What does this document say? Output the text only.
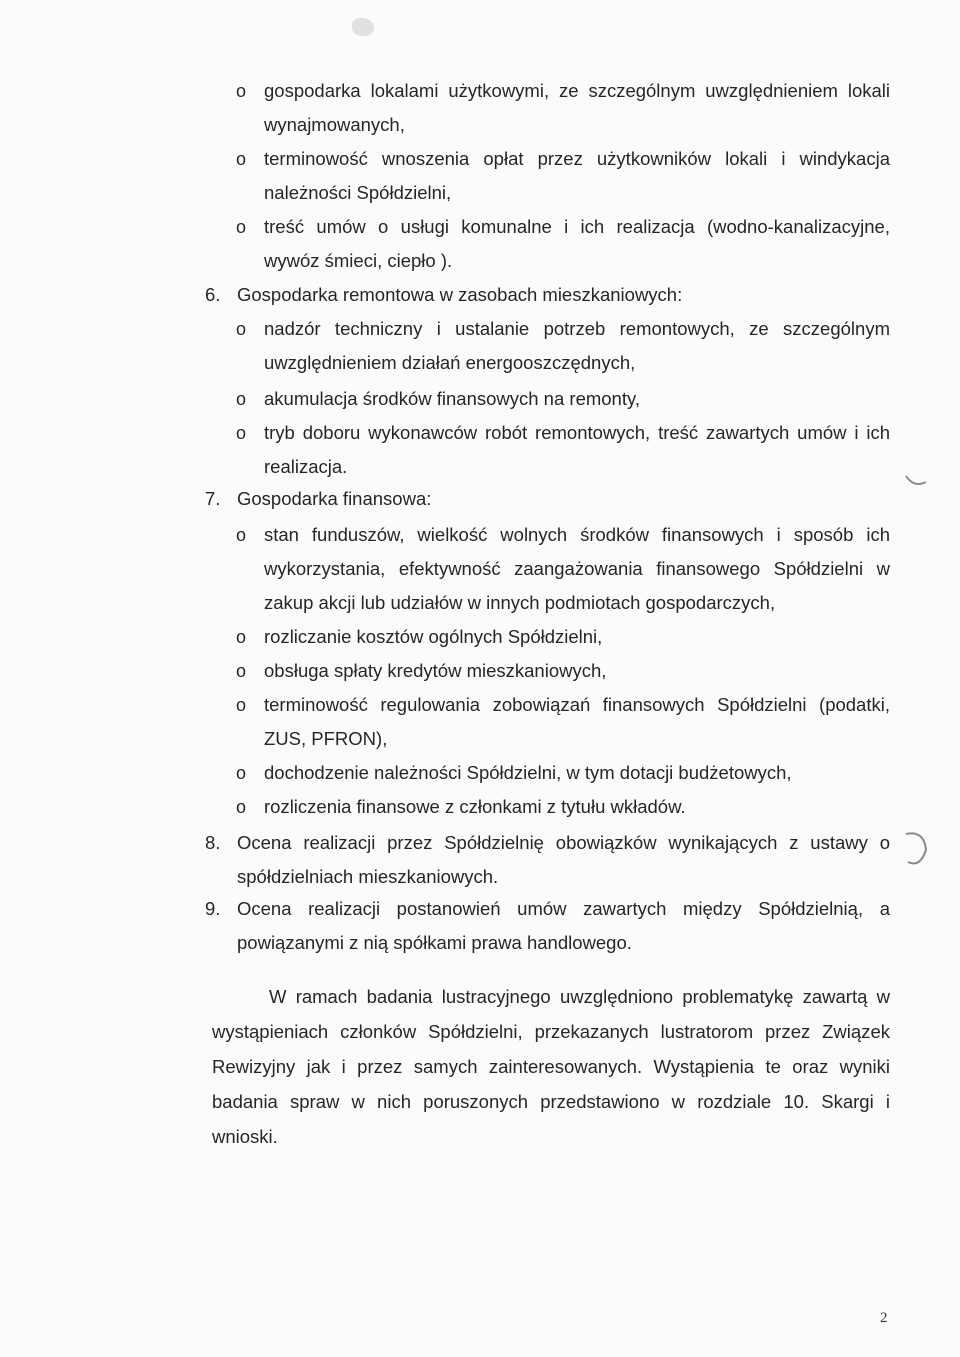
o gospodarka lokalami użytkowymi, ze szczególnym uwzględnieniem lokali wynajmowanych,
o terminowość wnoszenia opłat przez użytkowników lokali i windykacja należności Spółdzielni,
o treść umów o usługi komunalne i ich realizacja (wodno-kanalizacyjne, wywóz śmieci, ciepło ).
6. Gospodarka remontowa w zasobach mieszkaniowych:
o nadzór techniczny i ustalanie potrzeb remontowych, ze szczególnym uwzględnieniem działań energooszczędnych,
o akumulacja środków finansowych na remonty,
o tryb doboru wykonawców robót remontowych, treść zawartych umów i ich realizacja.
7. Gospodarka finansowa:
o stan funduszów, wielkość wolnych środków finansowych i sposób ich wykorzystania, efektywność zaangażowania finansowego Spółdzielni w zakup akcji lub udziałów w innych podmiotach gospodarczych,
o rozliczanie kosztów ogólnych Spółdzielni,
o obsługa spłaty kredytów mieszkaniowych,
o terminowość regulowania zobowiązań finansowych Spółdzielni (podatki, ZUS, PFRON),
o dochodzenie należności Spółdzielni, w tym dotacji budżetowych,
o rozliczenia finansowe z członkami z tytułu wkładów.
8. Ocena realizacji przez Spółdzielnię obowiązków wynikających z ustawy o spółdzielniach mieszkaniowych.
9. Ocena realizacji postanowień umów zawartych między Spółdzielnią, a powiązanymi z nią spółkami prawa handlowego.

W ramach badania lustracyjnego uwzględniono problematykę zawartą w wystąpieniach członków Spółdzielni, przekazanych lustratorom przez Związek Rewizyjny jak i przez samych zainteresowanych. Wystąpienia te oraz wyniki badania spraw w nich poruszonych przedstawiono w rozdziale 10. Skargi i wnioski.

2
